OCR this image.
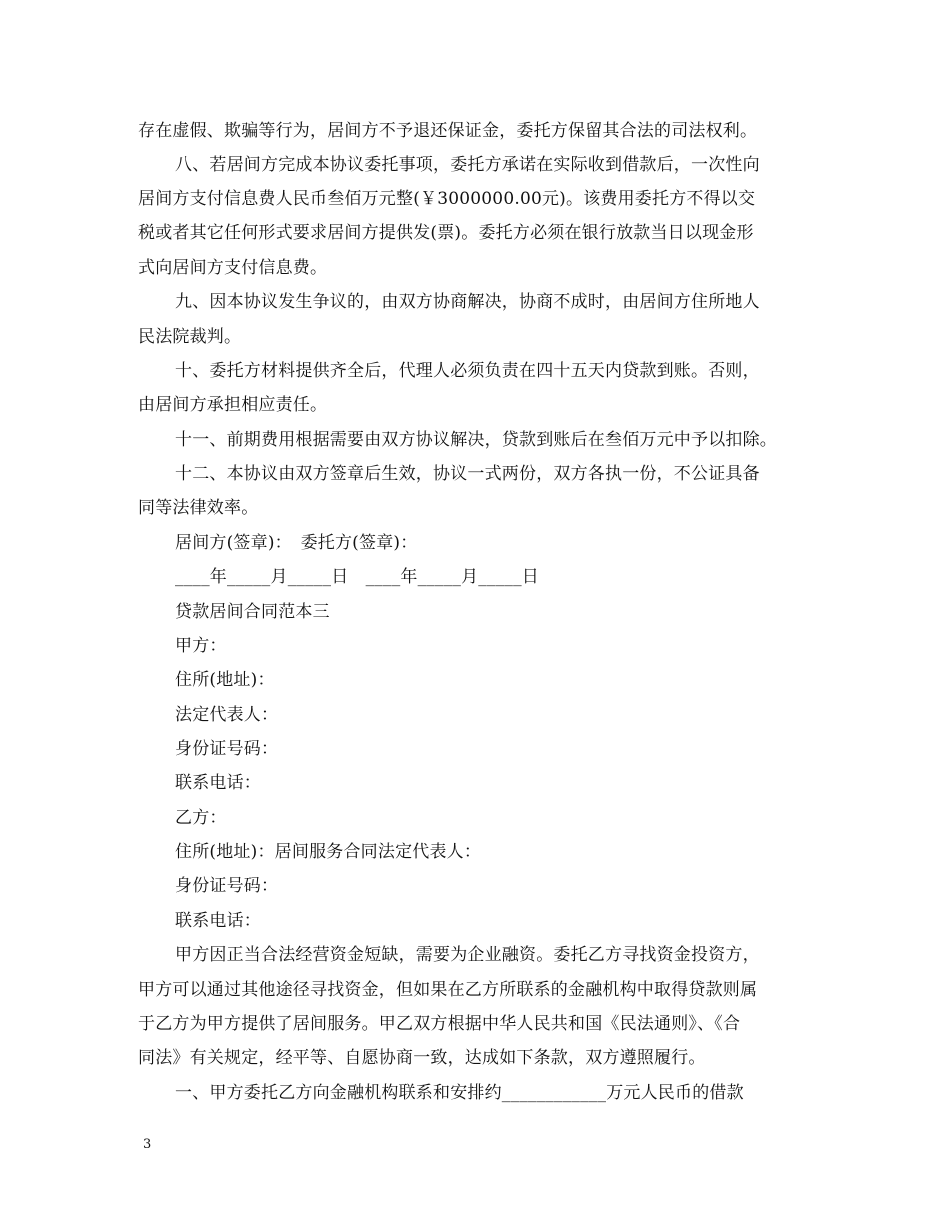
存在虚假、欺骗等行为，居间方不予退还保证金，委托方保留其合法的司法权利。
八、若居间方完成本协议委托事项，委托方承诺在实际收到借款后，一次性向
居间方支付信息费人民币叁佰万元整(￥3000000.00元)。该费用委托方不得以交
税或者其它任何形式要求居间方提供发(票)。委托方必须在银行放款当日以现金形
式向居间方支付信息费。
九、因本协议发生争议的，由双方协商解决，协商不成时，由居间方住所地人
民法院裁判。
十、委托方材料提供齐全后，代理人必须负责在四十五天内贷款到账。否则，
由居间方承担相应责任。
十一、前期费用根据需要由双方协议解决，贷款到账后在叁佰万元中予以扣除。
十二、本协议由双方签章后生效，协议一式两份，双方各执一份，不公证具备
同等法律效率。
居间方(签章)：　委托方(签章)：
____年_____月_____日　____年_____月_____日
贷款居间合同范本三
甲方：
住所(地址)：
法定代表人：
身份证号码：
联系电话：
乙方：
住所(地址)：居间服务合同法定代表人：
身份证号码：
联系电话：
甲方因正当合法经营资金短缺，需要为企业融资。委托乙方寻找资金投资方，
甲方可以通过其他途径寻找资金，但如果在乙方所联系的金融机构中取得贷款则属
于乙方为甲方提供了居间服务。甲乙双方根据中华人民共和国《民法通则》、《合
同法》有关规定，经平等、自愿协商一致，达成如下条款，双方遵照履行。
一、甲方委托乙方向金融机构联系和安排约____________万元人民币的借款
3
